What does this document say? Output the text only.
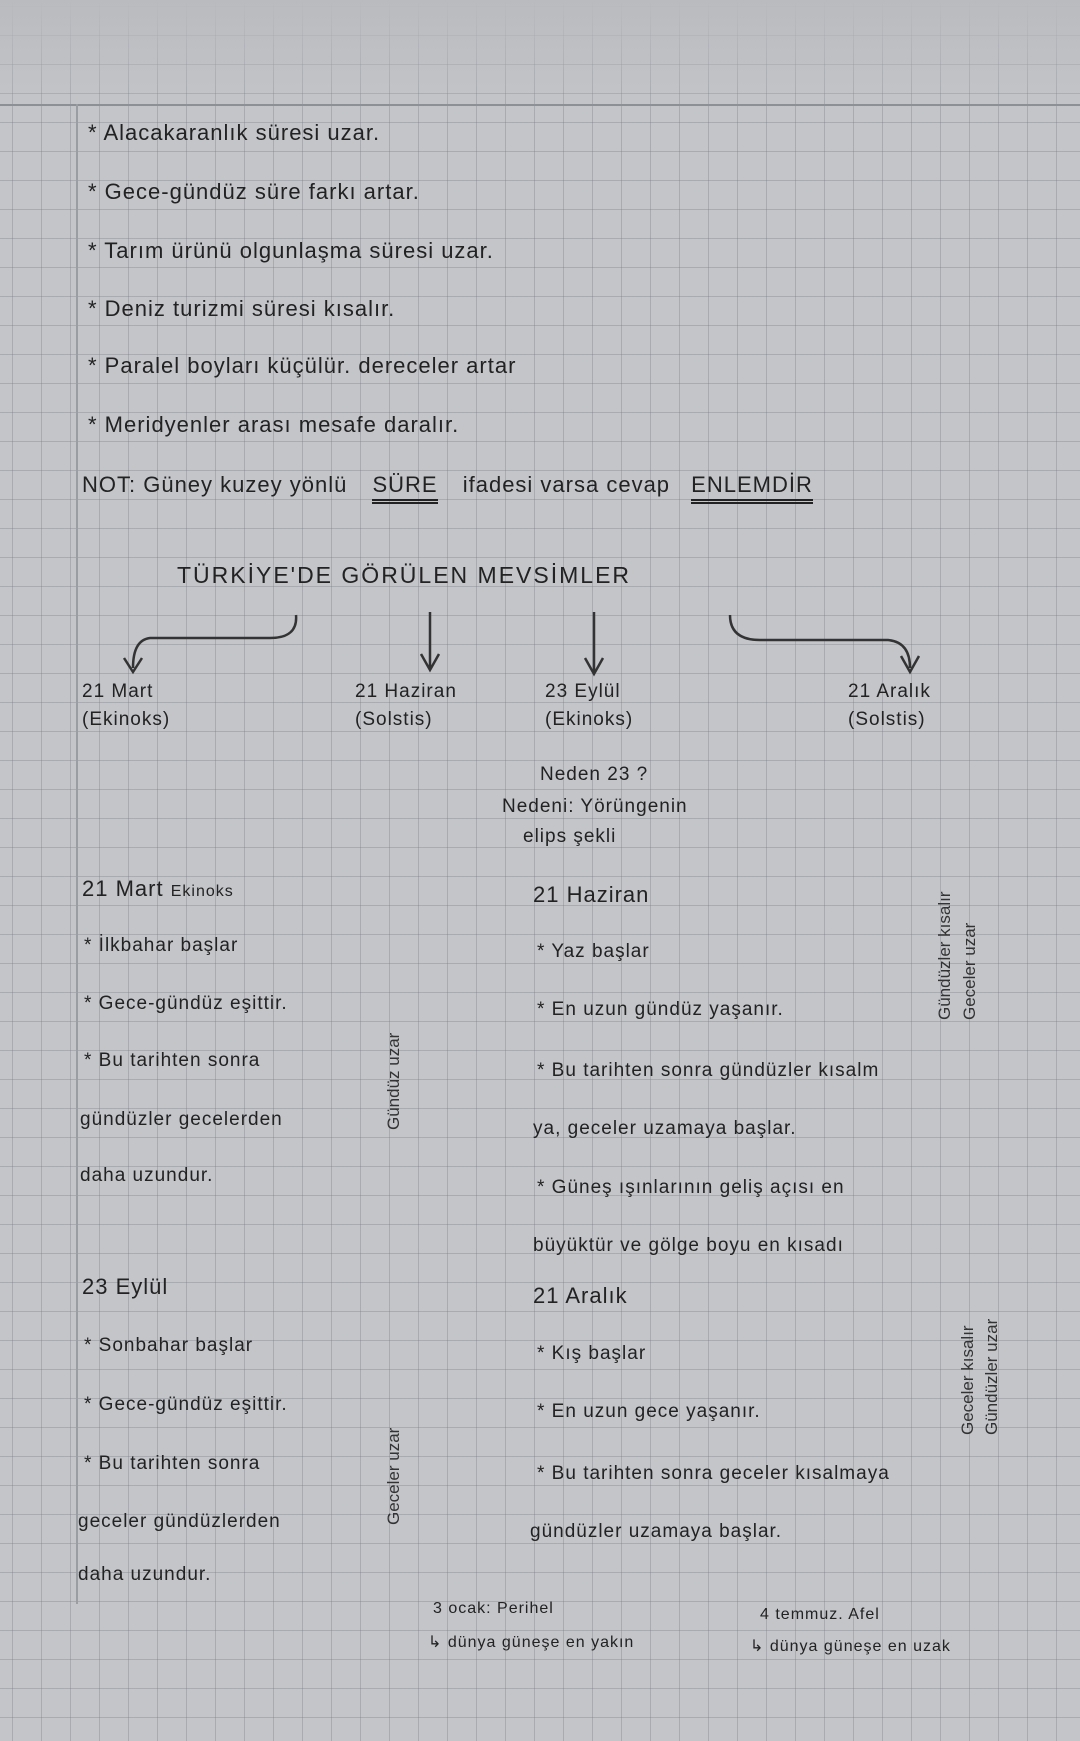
* Alacakaranlık süresi uzar.
* Gece-gündüz süre farkı artar.
* Tarım ürünü olgunlaşma süresi uzar.
* Deniz turizmi süresi kısalır.
* Paralel boyları küçülür. dereceler artar
* Meridyenler arası mesafe daralır.
NOT: Güney kuzey yönlü SÜRE ifadesi varsa cevap ENLEMDİR
TÜRKİYE'DE GÖRÜLEN MEVSİMLER
21 Mart
(Ekinoks)
21 Haziran
(Solstis)
23 Eylül
(Ekinoks)
21 Aralık
(Solstis)
Neden 23 ?
Nedeni: Yörüngenin
elips şekli
21 Mart Ekinoks
* İlkbahar başlar
* Gece-gündüz eşittir.
* Bu tarihten sonra
gündüzler gecelerden
daha uzundur.
Gündüz uzar
23 Eylül
* Sonbahar başlar
* Gece-gündüz eşittir.
* Bu tarihten sonra
geceler gündüzlerden
daha uzundur.
Geceler uzar
21 Haziran
* Yaz başlar
* En uzun gündüz yaşanır.
* Bu tarihten sonra gündüzler kısalm
ya, geceler uzamaya başlar.
* Güneş ışınlarının geliş açısı en
büyüktür ve gölge boyu en kısadı
Gündüzler kısalır Geceler uzar
21 Aralık
* Kış başlar
* En uzun gece yaşanır.
* Bu tarihten sonra geceler kısalmaya
gündüzler uzamaya başlar.
Geceler kısalır Gündüzler uzar
3 ocak: Perihel
↳ dünya güneşe en yakın
4 temmuz. Afel
↳ dünya güneşe en uzak
